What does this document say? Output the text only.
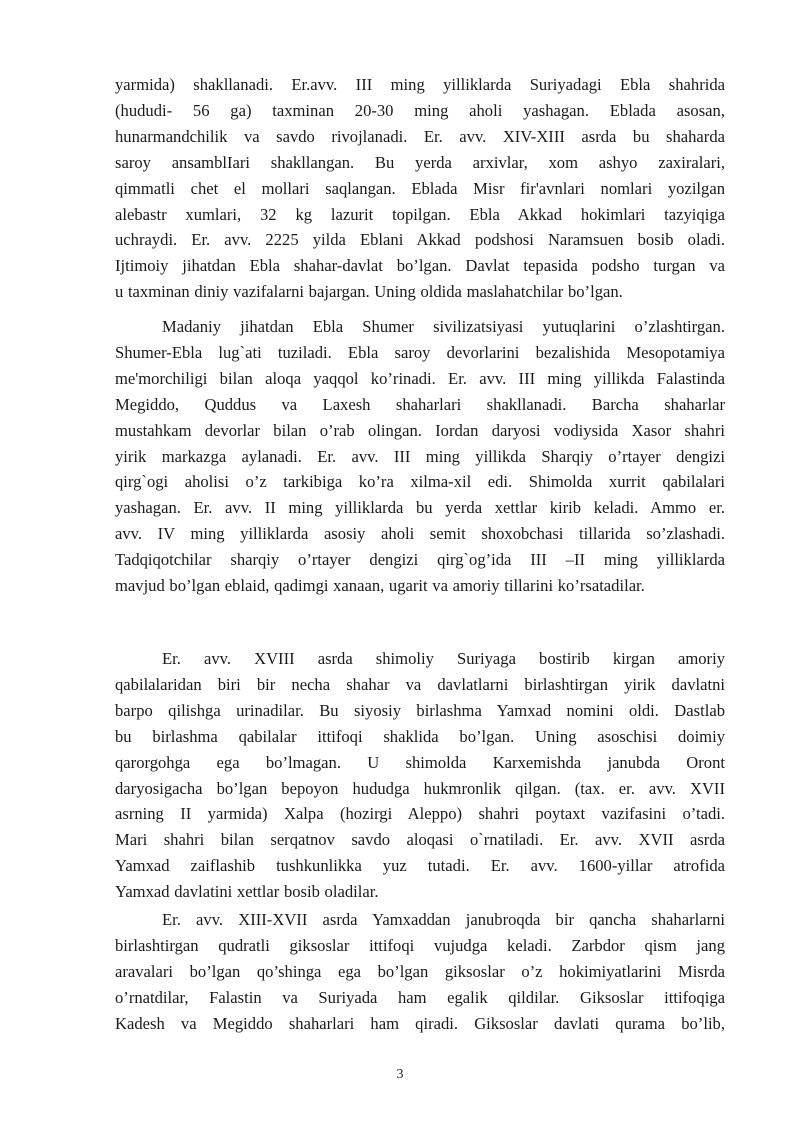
yarmida) shakllanadi. Er.avv. III ming yilliklarda Suriyadagi Ebla shahrida
(hududi- 56 ga) taxminan 20-30 ming aholi yashagan. Eblada asosan,
hunarmandchilik va savdo rivojlanadi. Er. avv. XIV-XIII asrda bu shaharda
saroy ansamblIari shakllangan. Bu yerda arxivlar, xom ashyo zaxiralari,
qimmatli chet el mollari saqlangan. Eblada Misr fir'avnlari nomlari yozilgan
alebastr xumlari, 32 kg lazurit topilgan. Ebla Akkad hokimlari tazyiqiga
uchraydi. Er. avv. 2225 yilda Eblani Akkad podshosi Naramsuen bosib oladi.
Ijtimoiy jihatdan Ebla shahar-davlat bo’lgan. Davlat tepasida podsho turgan va
u taxminan diniy vazifalarni bajargan. Uning oldida maslahatchilar bo’lgan.

Madaniy jihatdan Ebla Shumer sivilizatsiyasi yutuqlarini o’zlashtirgan.
Shumer-Ebla lug`ati tuziladi. Ebla saroy devorlarini bezalishida Mesopotamiya
me'morchiligi bilan aloqa yaqqol ko’rinadi. Er. avv. III ming yillikda Falastinda
Megiddo, Quddus va Laxesh shaharlari shakllanadi. Barcha shaharlar
mustahkam devorlar bilan o’rab olingan. Iordan daryosi vodiysida Xasor shahri
yirik markazga aylanadi. Er. avv. III ming yillikda Sharqiy o’rtayer dengizi
qirg`ogi aholisi o’z tarkibiga ko’ra xilma-xil edi. Shimolda xurrit qabilalari
yashagan. Er. avv. II ming yilliklarda bu yerda xettlar kirib keladi. Ammo er.
avv. IV ming yilliklarda asosiy aholi semit shoxobchasi tillarida so’zlashadi.
Tadqiqotchilar sharqiy o’rtayer dengizi qirg`og’ida III –II ming yilliklarda
mavjud bo’lgan eblaid, qadimgi xanaan, ugarit va amoriy tillarini ko’rsatadilar.

Er. avv. XVIII asrda shimoliy Suriyaga bostirib kirgan amoriy
qabilalaridan biri bir necha shahar va davlatlarni birlashtirgan yirik davlatni
barpo qilishga urinadilar. Bu siyosiy birlashma Yamxad nomini oldi. Dastlab
bu birlashma qabilalar ittifoqi shaklida bo’lgan. Uning asoschisi doimiy
qarorgohga ega bo’lmagan. U shimolda Karxemishda janubda Oront
daryosigacha bo’lgan bepoyon hududga hukmronlik qilgan. (tax. er. avv. XVII
asrning II yarmida) Xalpa (hozirgi Aleppo) shahri poytaxt vazifasini o’tadi.
Mari shahri bilan serqatnov savdo aloqasi o`rnatiladi. Er. avv. XVII asrda
Yamxad zaiflashib tushkunlikka yuz tutadi. Er. avv. 1600-yillar atrofida
Yamxad davlatini xettlar bosib oladilar.

Er. avv. XIII-XVII asrda Yamxaddan janubroqda bir qancha shaharlarni
birlashtirgan qudratli giksoslar ittifoqi vujudga keladi. Zarbdor qism jang
aravalari bo’lgan qo’shinga ega bo’lgan giksoslar o’z hokimiyatlarini Misrda
o’rnatdilar, Falastin va Suriyada ham egalik qildilar. Giksoslar ittifoqiga
Kadesh va Megiddo shaharlari ham qiradi. Giksoslar davlati qurama bo’lib,

3
